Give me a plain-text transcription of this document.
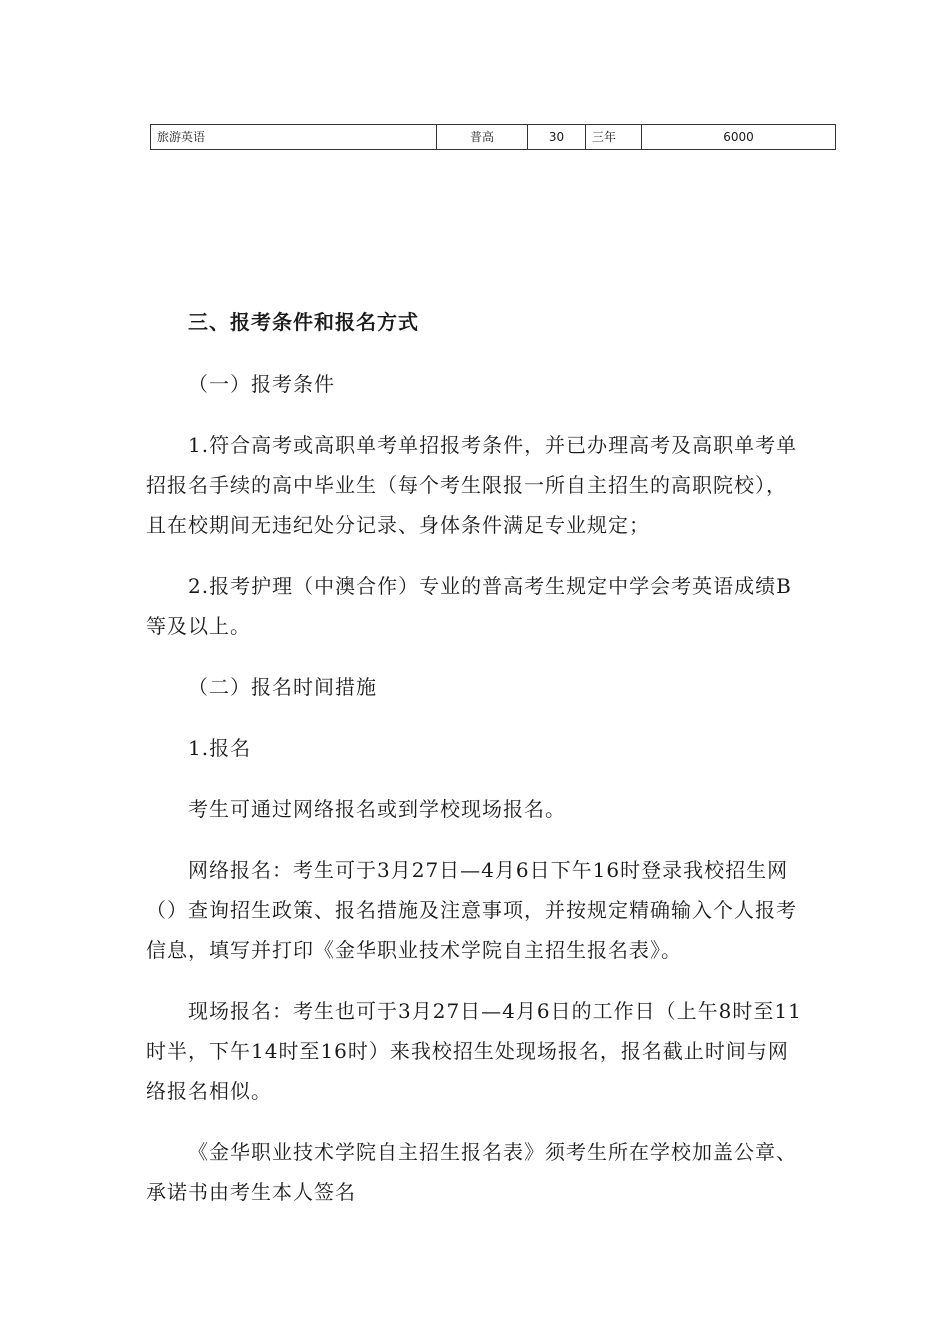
旅游英语	普高	30	三年	6000

三、报考条件和报名方式

（一）报考条件

1.符合高考或高职单考单招报考条件，并已办理高考及高职单考单招报名手续的高中毕业生（每个考生限报一所自主招生的高职院校），且在校期间无违纪处分记录、身体条件满足专业规定；

2.报考护理（中澳合作）专业的普高考生规定中学会考英语成绩B等及以上。

（二）报名时间措施

1.报名

考生可通过网络报名或到学校现场报名。

网络报名：考生可于3月27日—4月6日下午16时登录我校招生网（）查询招生政策、报名措施及注意事项，并按规定精确输入个人报考信息，填写并打印《金华职业技术学院自主招生报名表》。

现场报名：考生也可于3月27日—4月6日的工作日（上午8时至11时半，下午14时至16时）来我校招生处现场报名，报名截止时间与网络报名相似。

《金华职业技术学院自主招生报名表》须考生所在学校加盖公章、承诺书由考生本人签名
